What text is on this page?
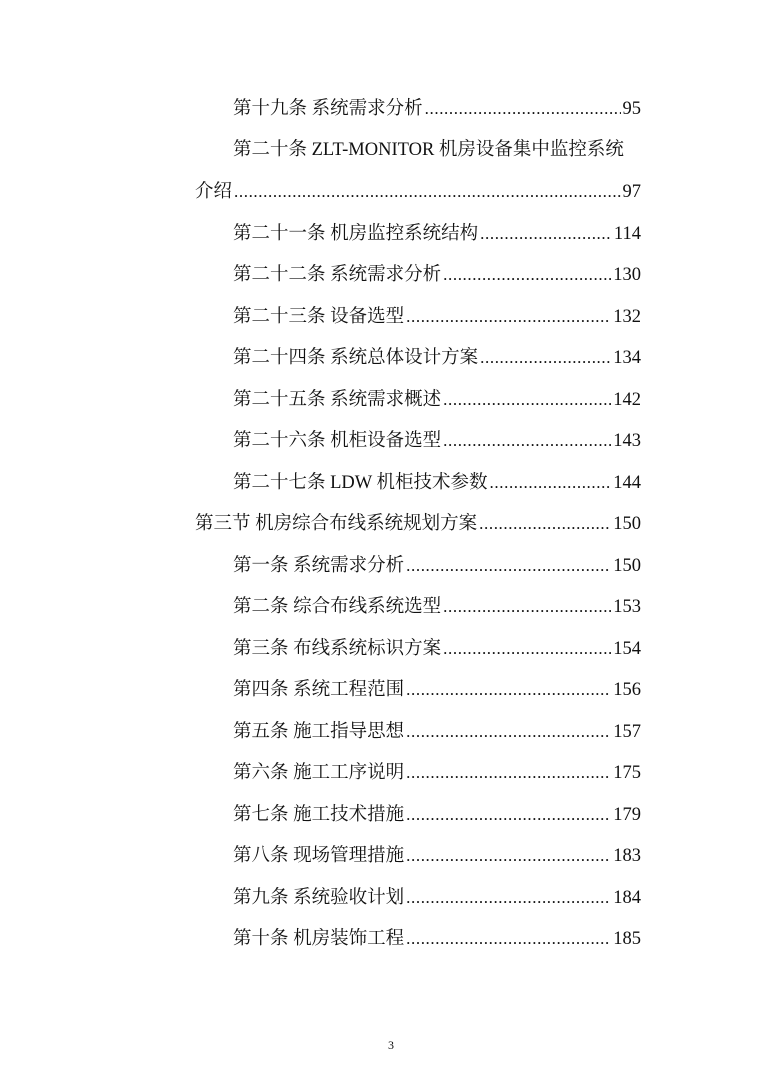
第十九条 系统需求分析 .....	95
第二十条 ZLT-MONITOR 机房设备集中监控系统
介绍 .....	97
第二十一条 机房监控系统结构 .....	114
第二十二条 系统需求分析 .....	130
第二十三条 设备选型 .....	132
第二十四条 系统总体设计方案 .....	134
第二十五条 系统需求概述 .....	142
第二十六条 机柜设备选型 .....	143
第二十七条 LDW 机柜技术参数 .....	144
第三节 机房综合布线系统规划方案 .....	150
第一条 系统需求分析 .....	150
第二条 综合布线系统选型 .....	153
第三条 布线系统标识方案 .....	154
第四条 系统工程范围 .....	156
第五条 施工指导思想 .....	157
第六条 施工工序说明 .....	175
第七条 施工技术措施 .....	179
第八条 现场管理措施 .....	183
第九条 系统验收计划 .....	184
第十条 机房装饰工程 .....	185
3
